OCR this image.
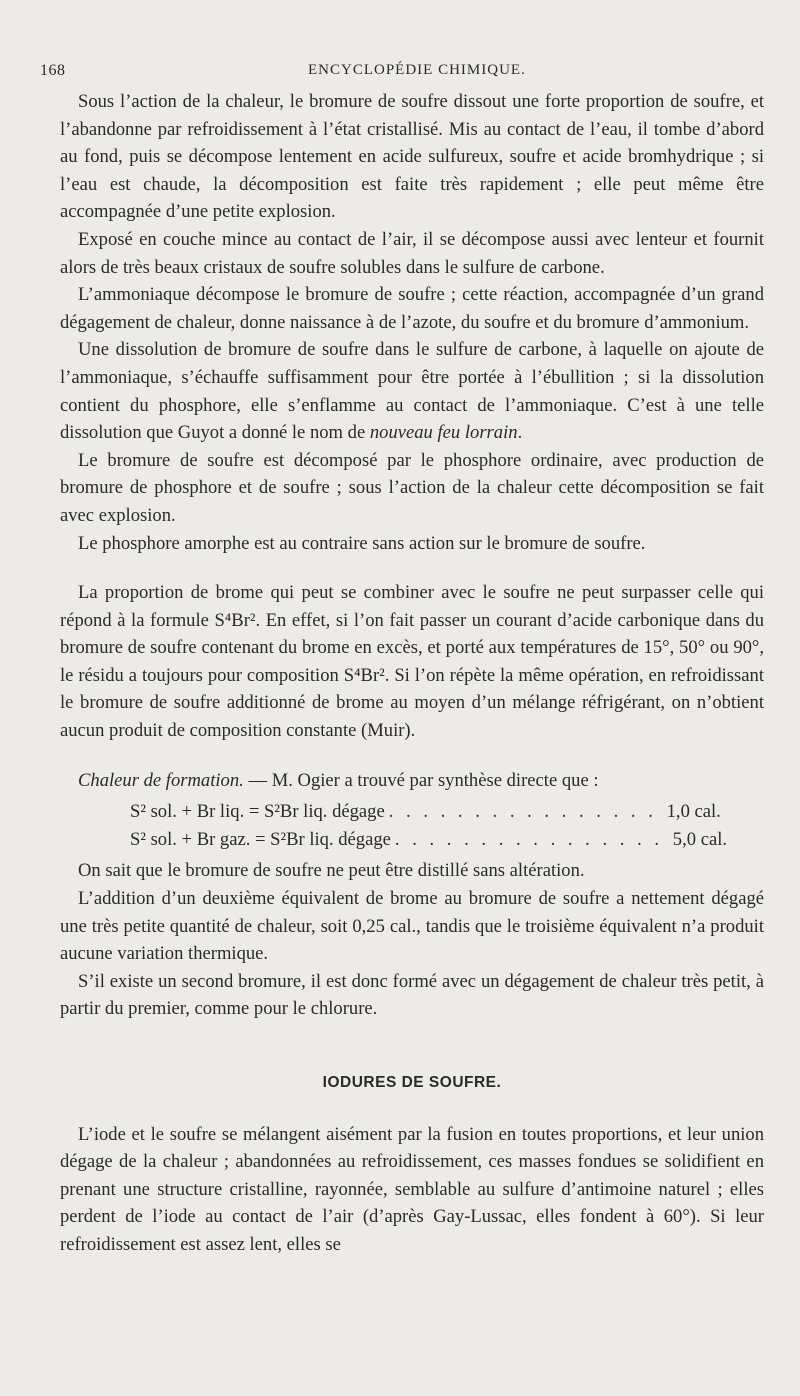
168	ENCYCLOPÉDIE CHIMIQUE.

Sous l’action de la chaleur, le bromure de soufre dissout une forte proportion de soufre, et l’abandonne par refroidissement à l’état cristallisé. Mis au contact de l’eau, il tombe d’abord au fond, puis se décompose lentement en acide sulfureux, soufre et acide bromhydrique ; si l’eau est chaude, la décomposition est faite très rapidement ; elle peut même être accompagnée d’une petite explosion.

Exposé en couche mince au contact de l’air, il se décompose aussi avec lenteur et fournit alors de très beaux cristaux de soufre solubles dans le sulfure de carbone.

L’ammoniaque décompose le bromure de soufre ; cette réaction, accompagnée d’un grand dégagement de chaleur, donne naissance à de l’azote, du soufre et du bromure d’ammonium.

Une dissolution de bromure de soufre dans le sulfure de carbone, à laquelle on ajoute de l’ammoniaque, s’échauffe suffisamment pour être portée à l’ébullition ; si la dissolution contient du phosphore, elle s’enflamme au contact de l’ammoniaque. C’est à une telle dissolution que Guyot a donné le nom de nouveau feu lorrain.

Le bromure de soufre est décomposé par le phosphore ordinaire, avec production de bromure de phosphore et de soufre ; sous l’action de la chaleur cette décomposition se fait avec explosion.

Le phosphore amorphe est au contraire sans action sur le bromure de soufre.

La proportion de brome qui peut se combiner avec le soufre ne peut surpasser celle qui répond à la formule S⁴Br². En effet, si l’on fait passer un courant d’acide carbonique dans du bromure de soufre contenant du brome en excès, et porté aux températures de 15°, 50° ou 90°, le résidu a toujours pour composition S⁴Br². Si l’on répète la même opération, en refroidissant le bromure de soufre additionné de brome au moyen d’un mélange réfrigérant, on n’obtient aucun produit de composition constante (Muir).

Chaleur de formation. — M. Ogier a trouvé par synthèse directe que :

S² sol. + Br liq. = S²Br liq. dégage . . . . . . . . . . . . . . . . 1,0 cal.
S² sol. + Br gaz. = S²Br liq. dégage . . . . . . . . . . . . . . . . 5,0 cal.

On sait que le bromure de soufre ne peut être distillé sans altération.

L’addition d’un deuxième équivalent de brome au bromure de soufre a nettement dégagé une très petite quantité de chaleur, soit 0,25 cal., tandis que le troisième équivalent n’a produit aucune variation thermique.

S’il existe un second bromure, il est donc formé avec un dégagement de chaleur très petit, à partir du premier, comme pour le chlorure.

IODURES DE SOUFRE.

L’iode et le soufre se mélangent aisément par la fusion en toutes proportions, et leur union dégage de la chaleur ; abandonnées au refroidissement, ces masses fondues se solidifient en prenant une structure cristalline, rayonnée, semblable au sulfure d’antimoine naturel ; elles perdent de l’iode au contact de l’air (d’après Gay-Lussac, elles fondent à 60°). Si leur refroidissement est assez lent, elles se
